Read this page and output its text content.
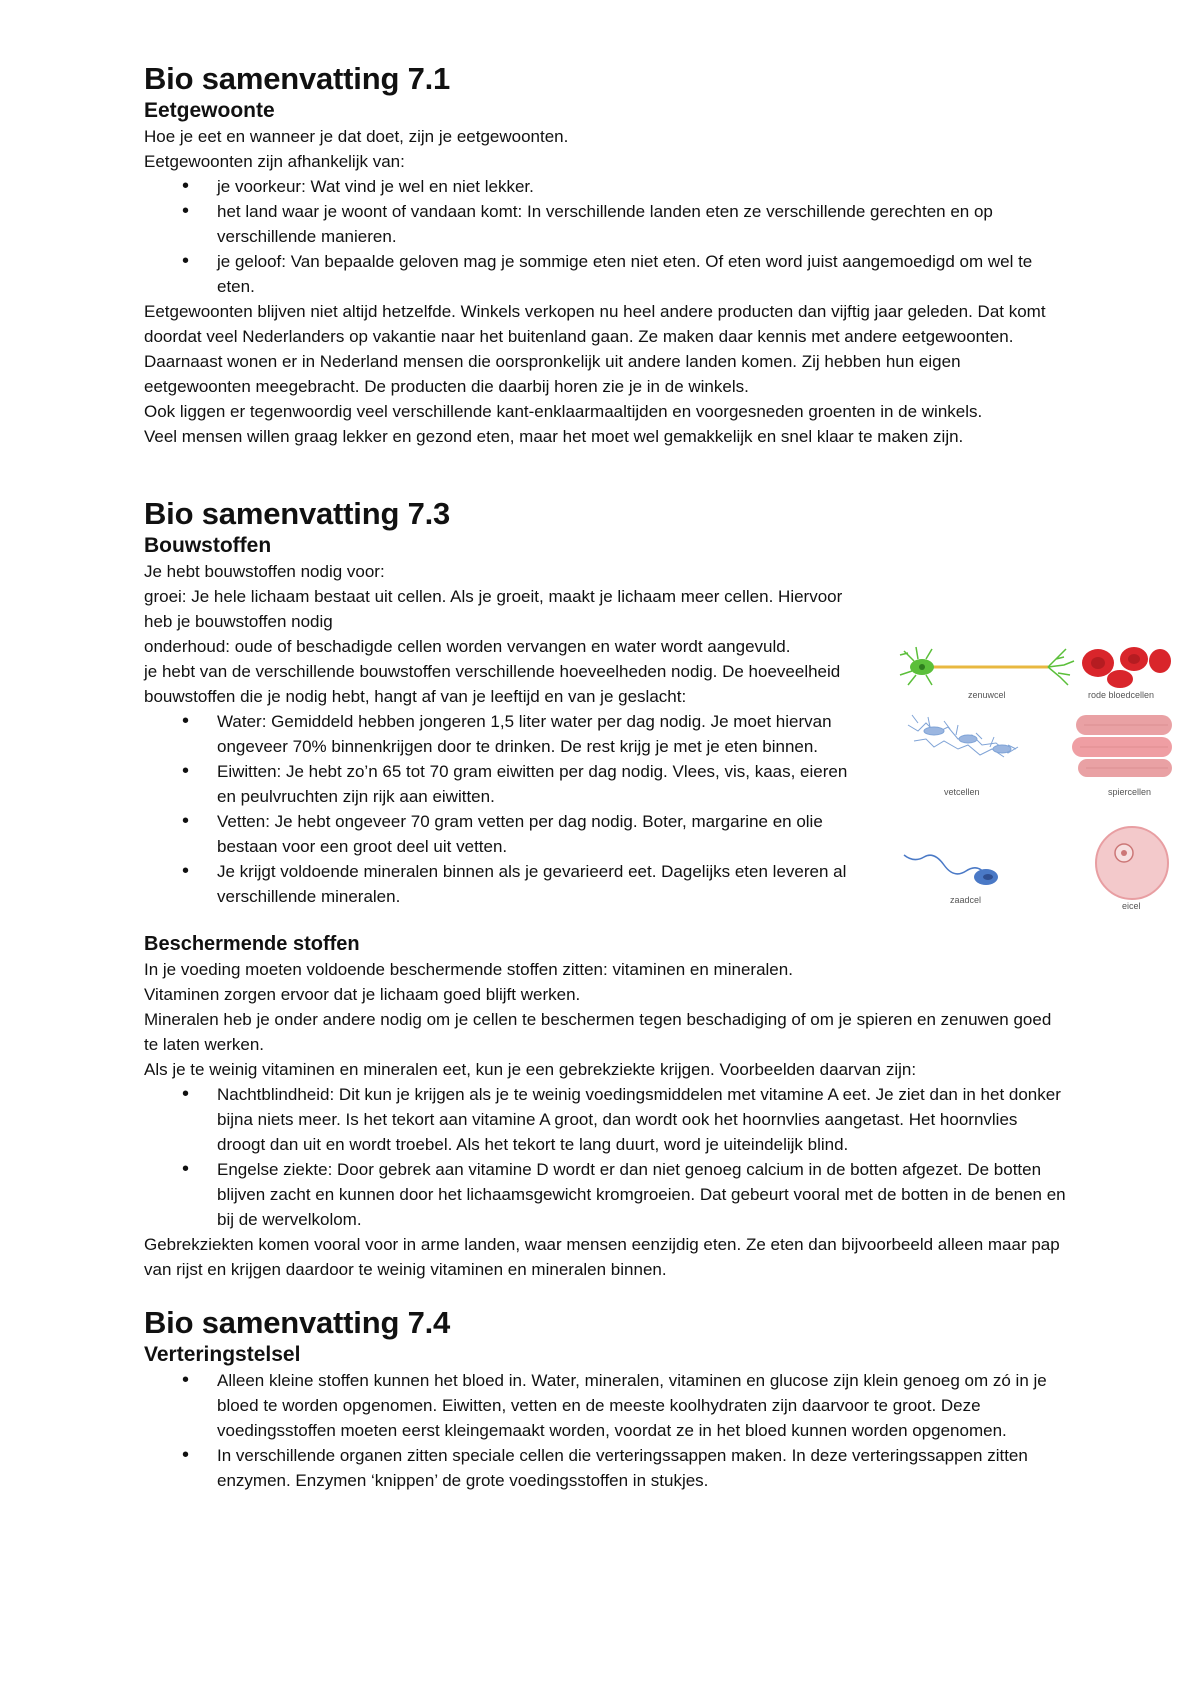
Bio samenvatting 7.1
Eetgewoonte

Hoe je eet en wanneer je dat doet, zijn je eetgewoonten.

Eetgewoonten zijn afhankelijk van:

• je voorkeur: Wat vind je wel en niet lekker.
• het land waar je woont of vandaan komt: In verschillende landen eten ze verschillende gerechten en op verschillende manieren.
• je geloof: Van bepaalde geloven mag je sommige eten niet eten. Of eten word juist aangemoedigd om wel te eten.

Eetgewoonten blijven niet altijd hetzelfde. Winkels verkopen nu heel andere producten dan vijftig jaar geleden. Dat komt doordat veel Nederlanders op vakantie naar het buitenland gaan. Ze maken daar kennis met andere eetgewoonten. Daarnaast wonen er in Nederland mensen die oorspronkelijk uit andere landen komen. Zij hebben hun eigen eetgewoonten meegebracht. De producten die daarbij horen zie je in de winkels.

Ook liggen er tegenwoordig veel verschillende kant-enklaarmaaltijden en voorgesneden groenten in de winkels.

Veel mensen willen graag lekker en gezond eten, maar het moet wel gemakkelijk en snel klaar te maken zijn.

Bio samenvatting 7.3
Bouwstoffen

Je hebt bouwstoffen nodig voor:

groei: Je hele lichaam bestaat uit cellen. Als je groeit, maakt je lichaam meer cellen. Hiervoor heb je bouwstoffen nodig

onderhoud: oude of beschadigde cellen worden vervangen en water wordt aangevuld.

je hebt van de verschillende bouwstoffen verschillende hoeveelheden nodig. De hoeveelheid bouwstoffen die je nodig hebt, hangt af van je leeftijd en van je geslacht:

• Water: Gemiddeld hebben jongeren 1,5 liter water per dag nodig. Je moet hiervan ongeveer 70% binnenkrijgen door te drinken. De rest krijg je met je eten binnen.
• Eiwitten: Je hebt zo’n 65 tot 70 gram eiwitten per dag nodig. Vlees, vis, kaas, eieren en peulvruchten zijn rijk aan eiwitten.
• Vetten: Je hebt ongeveer 70 gram vetten per dag nodig. Boter, margarine en olie bestaan voor een groot deel uit vetten.
• Je krijgt voldoende mineralen binnen als je gevarieerd eet. Dagelijks eten leveren al verschillende mineralen.
Beschermende stoffen

In je voeding moeten voldoende beschermende stoffen zitten: vitaminen en mineralen.

Vitaminen zorgen ervoor dat je lichaam goed blijft werken.

Mineralen heb je onder andere nodig om je cellen te beschermen tegen beschadiging of om je spieren en zenuwen goed te laten werken.

Als je te weinig vitaminen en mineralen eet, kun je een gebrekziekte krijgen. Voorbeelden daarvan zijn:

• Nachtblindheid: Dit kun je krijgen als je te weinig voedingsmiddelen met vitamine A eet. Je ziet dan in het donker bijna niets meer. Is het tekort aan vitamine A groot, dan wordt ook het hoornvlies aangetast. Het hoornvlies droogt dan uit en wordt troebel. Als het tekort te lang duurt, word je uiteindelijk blind.
• Engelse ziekte: Door gebrek aan vitamine D wordt er dan niet genoeg calcium in de botten afgezet. De botten blijven zacht en kunnen door het lichaamsgewicht kromgroeien. Dat gebeurt vooral met de botten in de benen en bij de wervelkolom.

Gebrekziekten komen vooral voor in arme landen, waar mensen eenzijdig eten. Ze eten dan bijvoorbeeld alleen maar pap van rijst en krijgen daardoor te weinig vitaminen en mineralen binnen.

Bio samenvatting 7.4
Verteringstelsel
• Alleen kleine stoffen kunnen het bloed in. Water, mineralen, vitaminen en glucose zijn klein genoeg om zó in je bloed te worden opgenomen. Eiwitten, vetten en de meeste koolhydraten zijn daarvoor te groot. Deze voedingsstoffen moeten eerst kleingemaakt worden, voordat ze in het bloed kunnen worden opgenomen.
• In verschillende organen zitten speciale cellen die verteringssappen maken. In deze verteringssappen zitten enzymen. Enzymen ‘knippen’ de grote voedingsstoffen in stukjes.
zenuwcel	rode bloedcellen
vetcellen	spiercellen
zaadcel
eicel
